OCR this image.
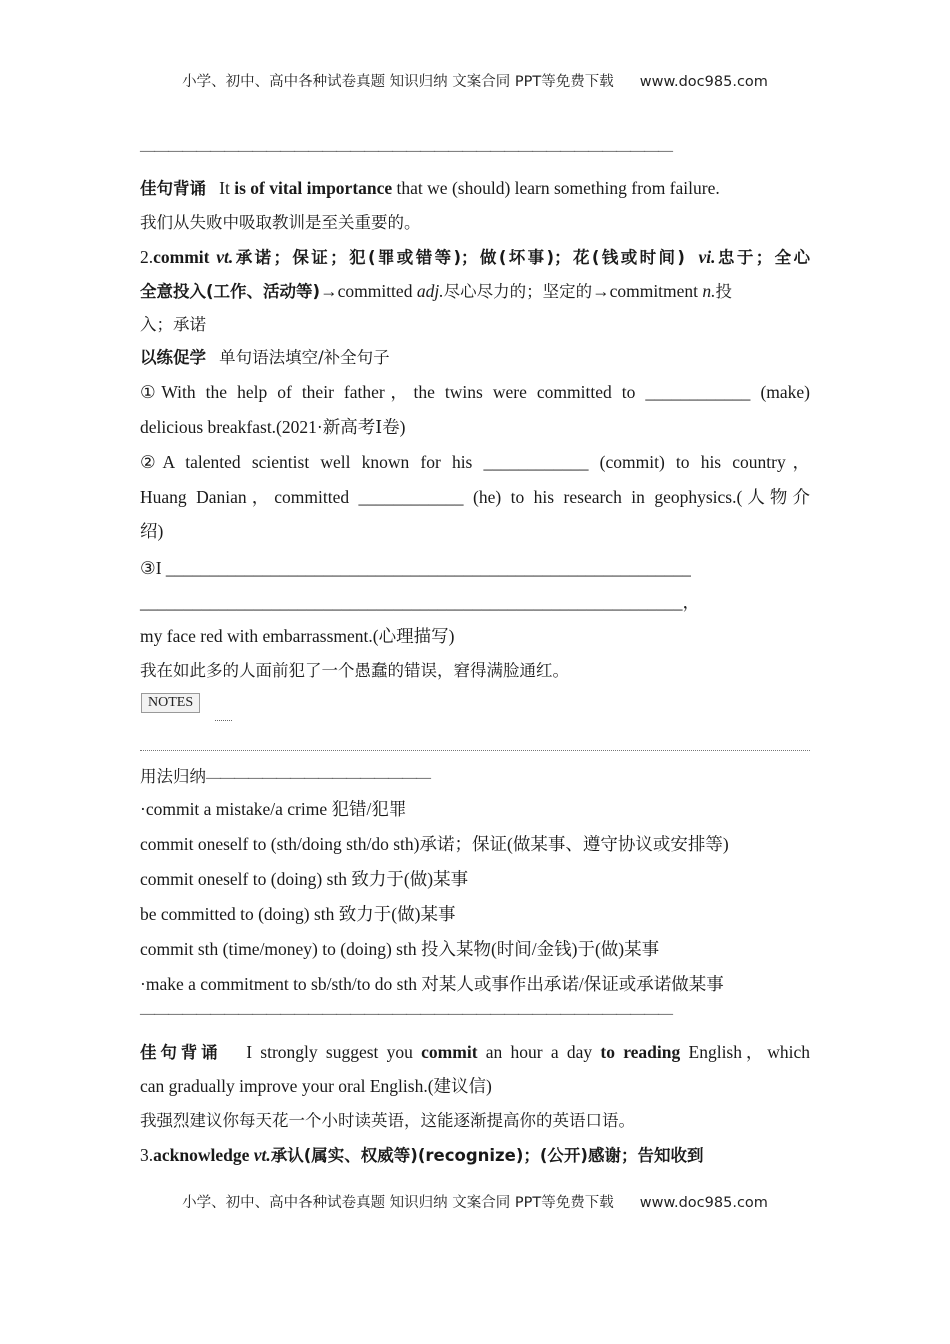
小学、初中、高中各种试卷真题 知识归纳 文案合同 PPT等免费下载 www.doc985.com
——————————————————————————————————————
佳句背诵 It is of vital importance that we (should) learn something from failure.
我们从失败中吸取教训是至关重要的。
2.commit vt.承诺；保证；犯(罪或错等)；做(坏事)；花(钱或时间) vi.忠于；全心
全意投入(工作、活动等)→committed adj.尽心尽力的；坚定的→commitment n.投
入；承诺
以练促学 单句语法填空/补全句子
①With the help of their father，the twins were committed to ____________ (make)
delicious breakfast.(2021·新高考Ⅰ卷)
②A talented scientist well known for his ____________ (commit) to his country，
Huang Danian，committed ____________ (he) to his research in geophysics.(人物介
绍)
③I ____________________________________________________________
______________________________________________________________，
my face red with embarrassment.(心理描写)
我在如此多的人面前犯了一个愚蠢的错误，窘得满脸通红。
NOTES
用法归纳————————————————
·commit a mistake/a crime 犯错/犯罪
commit oneself to (sth/doing sth/do sth)承诺；保证(做某事、遵守协议或安排等)
commit oneself to (doing) sth 致力于(做)某事
be committed to (doing) sth 致力于(做)某事
commit sth (time/money) to (doing) sth 投入某物(时间/金钱)于(做)某事
·make a commitment to sb/sth/to do sth 对某人或事作出承诺/保证或承诺做某事
——————————————————————————————————————
佳句背诵 I strongly suggest you commit an hour a day to reading English，which
can gradually improve your oral English.(建议信)
我强烈建议你每天花一个小时读英语，这能逐渐提高你的英语口语。
3.acknowledge vt.承认(属实、权威等)(recognize)；(公开)感谢；告知收到
小学、初中、高中各种试卷真题 知识归纳 文案合同 PPT等免费下载 www.doc985.com
